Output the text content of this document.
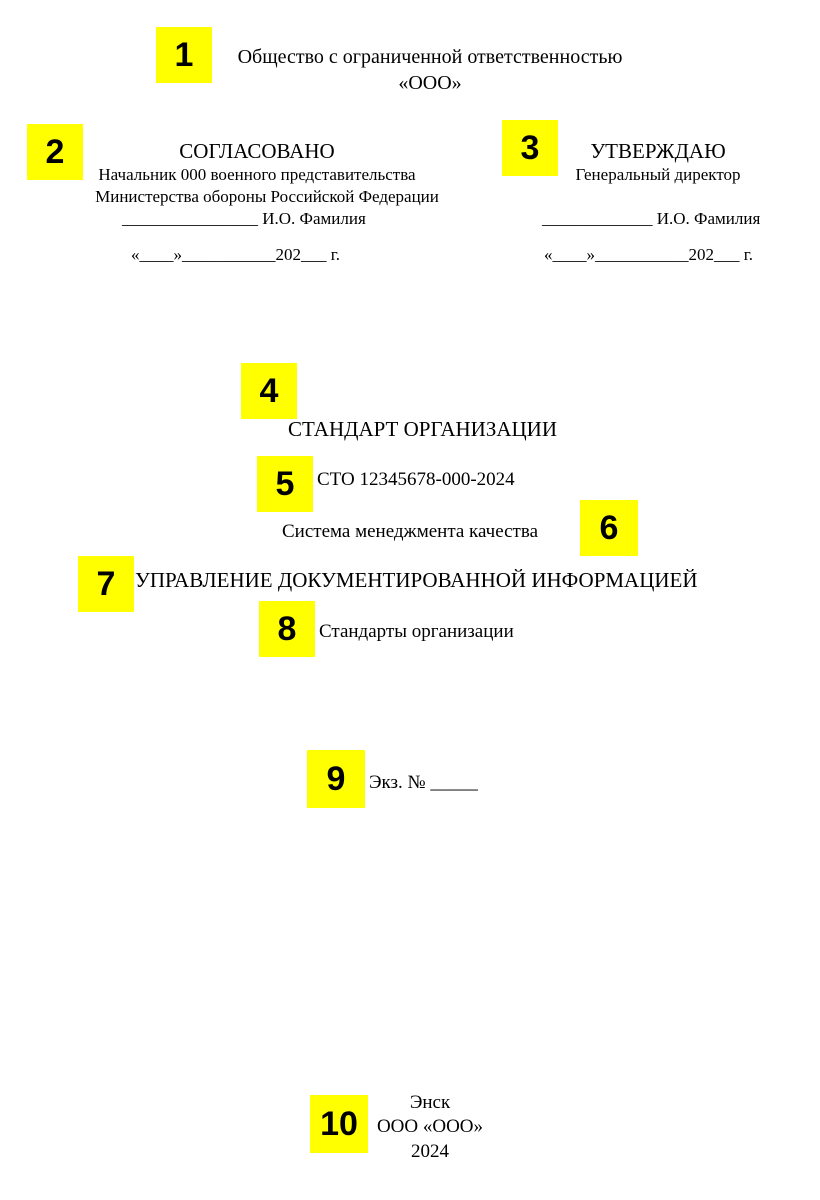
1
2	3
4
5
6
7
8
9
10
Общество с ограниченной ответственностью
«ООО»
СОГЛАСОВАНО
Начальник 000 военного представительства
Министерства обороны Российской Федерации
________________ И.О. Фамилия
«____»___________202___ г.
УТВЕРЖДАЮ
Генеральный директор
_____________ И.О. Фамилия
«____»___________202___ г.
СТАНДАРТ ОРГАНИЗАЦИИ
СТО 12345678-000-2024
Система менеджмента качества
УПРАВЛЕНИЕ ДОКУМЕНТИРОВАННОЙ ИНФОРМАЦИЕЙ
Стандарты организации
Экз. № _____
Энск
ООО «ООО»
2024
